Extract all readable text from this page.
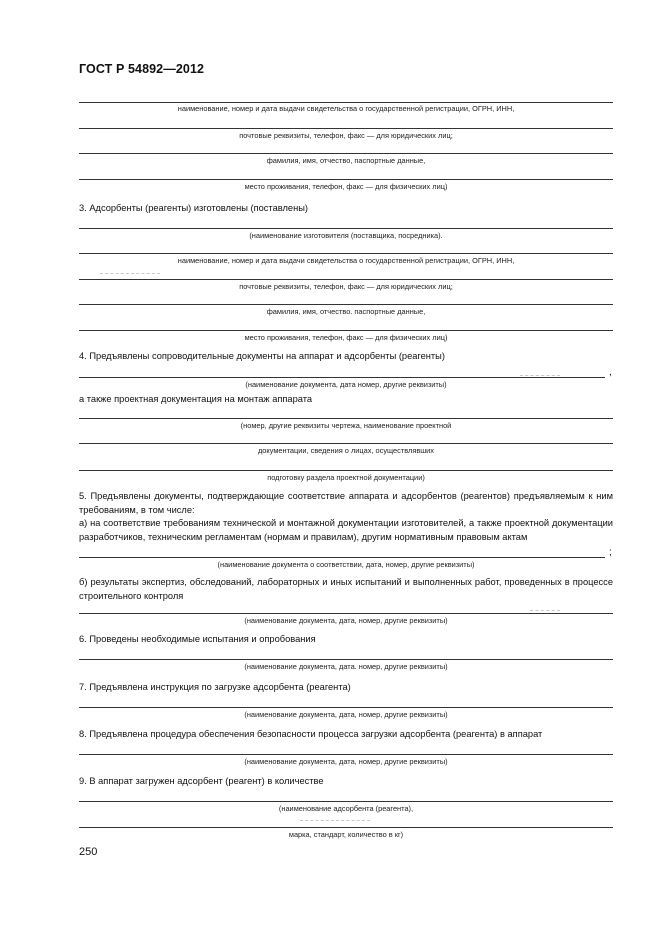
ГОСТ Р 54892—2012
наименование, номер и дата выдачи свидетельства о государственной регистрации, ОГРН, ИНН,
почтовые реквизиты, телефон, факс — для юридических лиц;
фамилия, имя, отчество, паспортные данные,
место проживания, телефон, факс — для физических лиц)
3. Адсорбенты (реагенты) изготовлены (поставлены)
(наименование изготовителя (поставщика, посредника).
наименование, номер и дата выдачи свидетельства о государственной регистрации, ОГРН, ИНН,
почтовые реквизиты, телефон, факс — для юридических лиц;
фамилия, имя, отчество. паспортные данные,
место проживания, телефон, факс — для физических лиц)
4. Предъявлены сопроводительные документы на аппарат и адсорбенты (реагенты)
,
(наименование документа, дата номер, другие реквизиты)
а также проектная документация на монтаж аппарата
(номер, другие реквизиты чертежа, наименование проектной
документации, сведения о лицах, осуществлявших
подготовку раздела проектной документации)
5. Предъявлены документы, подтверждающие соответствие аппарата и адсорбентов (реагентов) предъявляемым к ним требованиям, в том числе:
а) на соответствие требованиям технической и монтажной документации изготовителей, а также проектной документации разработчиков, техническим регламентам (нормам и правилам), другим нормативным правовым актам
;
(наименование документа о соответствии, дата, номер, другие реквизиты)
б) результаты экспертиз, обследований, лабораторных и иных испытаний и выполненных работ, проведенных в процессе строительного контроля
(наименование документа, дата, номер, другие реквизиты)
6. Проведены необходимые испытания и опробования
(наименование документа, дата. номер, другие реквизиты)
7. Предъявлена инструкция по загрузке адсорбента (реагента)
(наименование документа, дата, номер, другие реквизиты)
8. Предъявлена процедура обеспечения безопасности процесса загрузки адсорбента (реагента) в аппарат
(наименование документа, дата, номер, другие реквизиты)
9. В аппарат загружен адсорбент (реагент) в количестве
(наименование адсорбента (реагента),
марка, стандарт, количество в кг)
250
